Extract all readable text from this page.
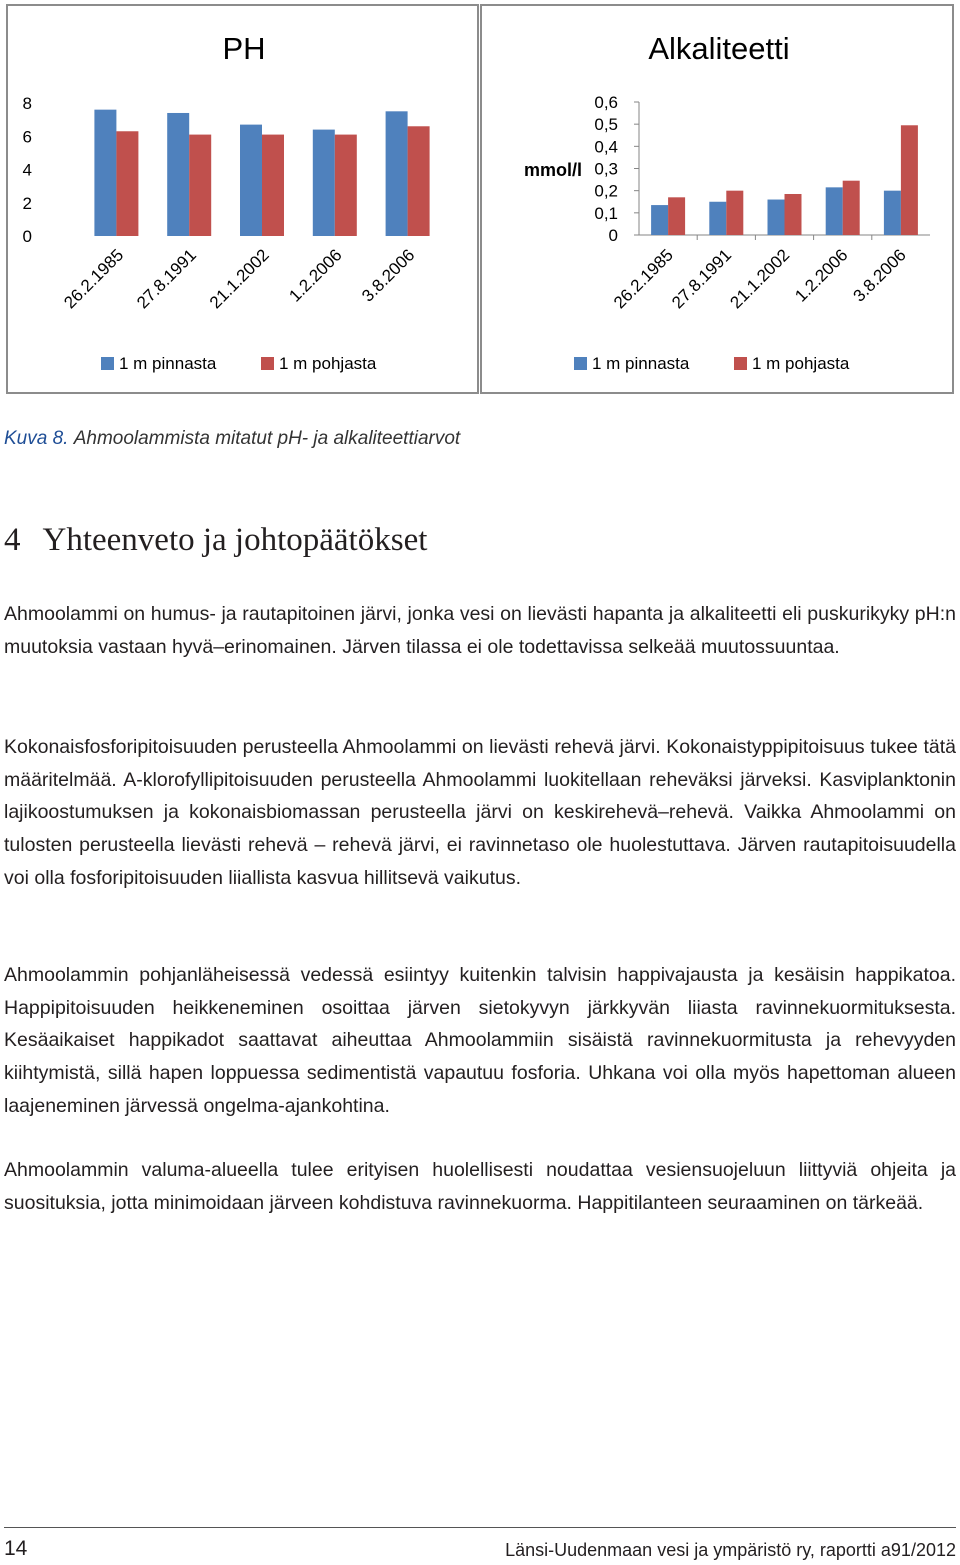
PH
0
2
4
6
8
26.2.1985 27.8.1991 21.1.2002 1.2.2006 3.8.2006
1 m pinnasta	1 m pohjasta
Alkaliteetti
mmol/l
0
0,1
0,2
0,3
0,4
0,5
0,6
26.2.1985
27.8.1991
21.1.2002
1.2.2006
3.8.2006
1 m pinnasta	1 m pohjasta
Kuva 8. Ahmoolammista mitatut pH- ja alkaliteettiarvot
4 Yhteenveto ja johtopäätökset

Ahmoolammi on humus- ja rautapitoinen järvi, jonka vesi on lievästi hapanta ja alkaliteetti eli puskurikyky pH:n muutoksia vastaan hyvä–erinomainen. Järven tilassa ei ole todettavissa selkeää muutossuuntaa.

Kokonaisfosforipitoisuuden perusteella Ahmoolammi on lievästi rehevä järvi. Kokonaistyppipitoisuus tukee tätä määritelmää. A-klorofyllipitoisuuden perusteella Ahmoolammi luokitellaan reheväksi järveksi. Kasviplanktonin lajikoostumuksen ja kokonaisbiomassan perusteella järvi on keskirehevä–rehevä. Vaikka Ahmoolammi on tulosten perusteella lievästi rehevä – rehevä järvi, ei ravinnetaso ole huolestuttava. Järven rautapitoisuudella voi olla fosforipitoisuuden liiallista kasvua hillitsevä vaikutus.

Ahmoolammin pohjanläheisessä vedessä esiintyy kuitenkin talvisin happivajausta ja kesäisin happikatoa. Happipitoisuuden heikkeneminen osoittaa järven sietokyvyn järkkyvän liiasta ravinnekuormituksesta. Kesäaikaiset happikadot saattavat aiheuttaa Ahmoolammiin sisäistä ravinnekuormitusta ja rehevyyden kiihtymistä, sillä hapen loppuessa sedimentistä vapautuu fosforia. Uhkana voi olla myös hapettoman alueen laajeneminen järvessä ongelma-ajankohtina.

Ahmoolammin valuma-alueella tulee erityisen huolellisesti noudattaa vesiensuojeluun liittyviä ohjeita ja suosituksia, jotta minimoidaan järveen kohdistuva ravinnekuorma. Happitilanteen seuraaminen on tärkeää.

14	Länsi-Uudenmaan vesi ja ympäristö ry, raportti a91/2012
